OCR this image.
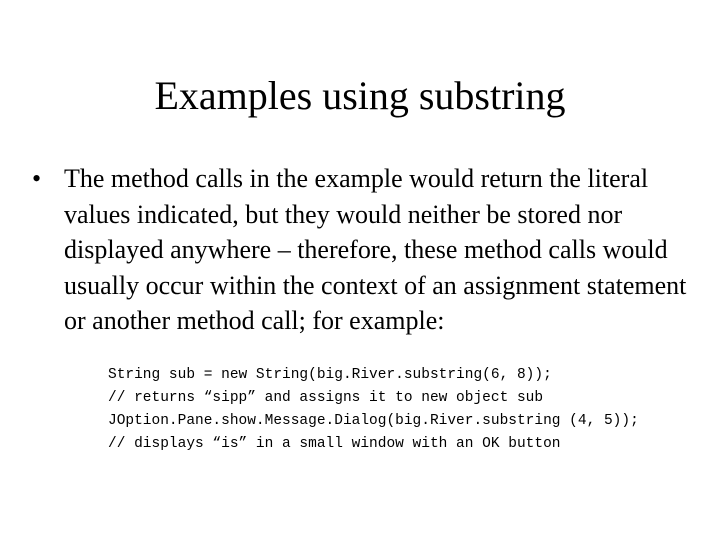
Examples using substring
• The method calls in the example would return the literal values indicated, but they would neither be stored nor displayed anywhere – therefore, these method calls would usually occur within the context of an assignment statement or another method call; for example:
String sub = new String(big.River.substring(6, 8));
// returns “sipp” and assigns it to new object sub
JOption.Pane.show.Message.Dialog(big.River.substring (4, 5));
// displays “is” in a small window with an OK button
